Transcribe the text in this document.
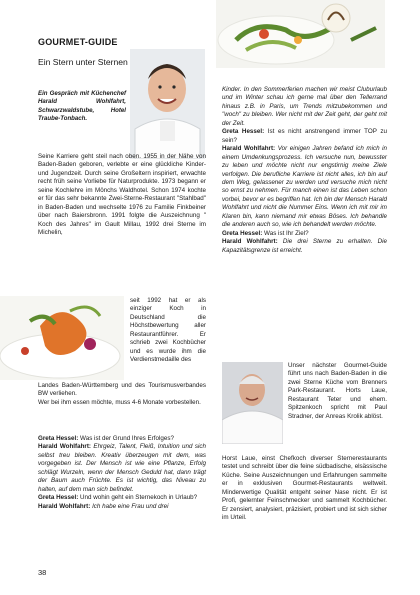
GOURMET-GUIDE
Ein Stern unter Sternen
Ein Gespräch mit Küchenchef Harald Wohlfahrt, Schwarzwaldstube, Hotel Traube-Tonbach.

Seine Karriere geht steil nach oben. 1955 in der Nähe von Baden-Baden geboren, verlebte er eine glückliche Kinder- und Jugendzeit. Durch seine Großeltern inspiriert, erwachte recht früh seine Vorliebe für Naturprodukte. 1973 begann er seine Kochlehre im Mönchs Waldhotel. Schon 1974 kochte er für das sehr bekannte Zwei-Sterne-Restaurant "Stahlbad" in Baden-Baden und wechselte 1976 zu Familie Finkbeiner über nach Baiersbronn. 1991 folgte die Auszeichnung " Koch des Jahres" im Gault Millau, 1992 drei Sterne im Michelin,

seit 1992 hat er als einziger Koch in Deutschland die Höchstbewertung aller Restaurantführer. Er schrieb zwei Kochbücher und es wurde ihm die Verdienstmedaille des

Landes Baden-Württemberg und des Tourismusverbandes BW verliehen.

Wer bei ihm essen möchte, muss 4-6 Monate vorbestellen.

Greta Hessel: Was ist der Grund Ihres Erfolges?

Harald Wohlfahrt: Ehrgeiz, Talent, Fleiß, Intuition und sich selbst treu bleiben. Kreativ überzeugen mit dem, was vorgegeben ist. Der Mensch ist wie eine Pflanze, Erfolg schlägt Wurzeln, wenn der Mensch Geduld hat, dann trägt der Baum auch Früchte. Es ist wichtig, das Niveau zu halten, auf dem man sich befindet.

Greta Hessel: Und wohin geht ein Sternekoch in Urlaub?

Harald Wohlfahrt: Ich habe eine Frau und drei

Kinder. In den Sommerferien machen wir meist Cluburlaub und im Winter schau ich gerne mal über den Tellerrand hinaus z.B. in Paris, um Trends mitzubekommen und "woch" zu bleiben. Wer nicht mit der Zeit geht, der geht mit der Zeit.

Greta Hessel: Ist es nicht anstrengend immer TOP zu sein?

Harald Wohlfahrt: Vor einigen Jahren befand ich mich in einem Umdenkungsprozess. Ich versuche nun, bewusster zu leben und möchte nicht nur engstirnig meine Ziele verfolgen. Die berufliche Karriere ist nicht alles, ich bin auf dem Weg, gelassener zu werden und versuche mich nicht so ernst zu nehmen. Für manch einen ist das Leben schon vorbei, bevor er es begriffen hat. Ich bin der Mensch Harald Wohlfahrt und nicht die Nummer Eins. Wenn ich mit mir im Klaren bin, kann niemand mir etwas Böses. Ich behandle die anderen auch so, wie ich behandelt werden möchte.

Greta Hessel: Was ist Ihr Ziel?

Harald Wohlfahrt: Die drei Sterne zu erhalten. Die Kapazitätsgrenze ist erreicht.

Unser nächster Gourmet-Guide führt uns nach Baden-Baden in die zwei Sterne Küche vom Brenners Park-Restaurant. Horts Laue, Restaurant Teter und ehem. Spitzenkoch spricht mit Paul Stradner, der Anreas Krolik ablöst.

Horst Laue, einst Chefkoch diverser Sternerestaurants testet und schreibt über die feine südbadische, elsässische Küche. Seine Auszeichnungen und Erfahrungen sammelte er in exklusiven Gourmet-Restaurants weltweit. Minderwertige Qualität entgeht seiner Nase nicht. Er ist Profi, gelernter Feinschmecker und sammelt Kochbücher. Er zensiert, analysiert, präzisiert, probiert und ist sich sicher im Urteil.

38
